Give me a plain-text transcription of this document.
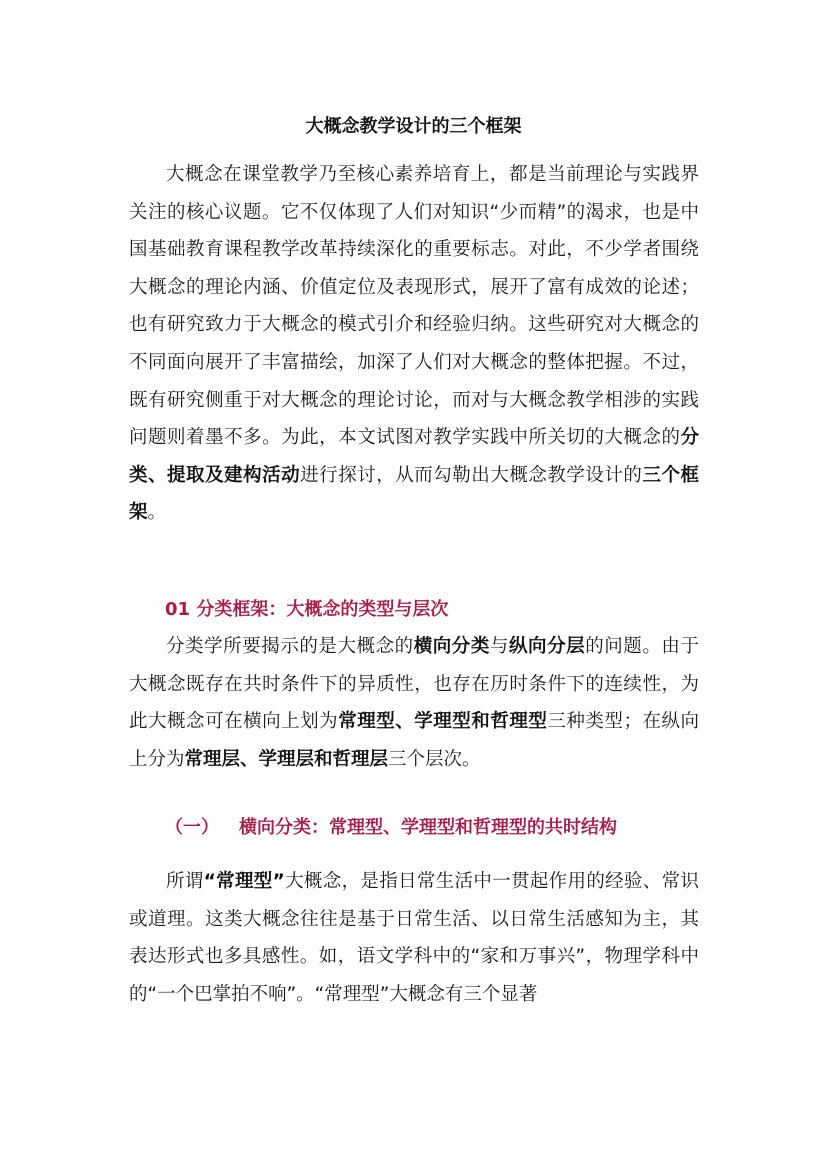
大概念教学设计的三个框架

大概念在课堂教学乃至核心素养培育上，都是当前理论与实践界关注的核心议题。它不仅体现了人们对知识“少而精”的渴求，也是中国基础教育课程教学改革持续深化的重要标志。对此，不少学者围绕大概念的理论内涵、价值定位及表现形式，展开了富有成效的论述；也有研究致力于大概念的模式引介和经验归纳。这些研究对大概念的不同面向展开了丰富描绘，加深了人们对大概念的整体把握。不过，既有研究侧重于对大概念的理论讨论，而对与大概念教学相涉的实践问题则着墨不多。为此，本文试图对教学实践中所关切的大概念的分类、提取及建构活动进行探讨，从而勾勒出大概念教学设计的三个框架。

01 分类框架：大概念的类型与层次

分类学所要揭示的是大概念的横向分类与纵向分层的问题。由于大概念既存在共时条件下的异质性，也存在历时条件下的连续性，为此大概念可在横向上划为常理型、学理型和哲理型三种类型；在纵向上分为常理层、学理层和哲理层三个层次。

（一） 横向分类：常理型、学理型和哲理型的共时结构

所谓“常理型”大概念，是指日常生活中一贯起作用的经验、常识或道理。这类大概念往往是基于日常生活、以日常生活感知为主，其表达形式也多具感性。如，语文学科中的“家和万事兴”，物理学科中的“一个巴掌拍不响”。“常理型”大概念有三个显著
